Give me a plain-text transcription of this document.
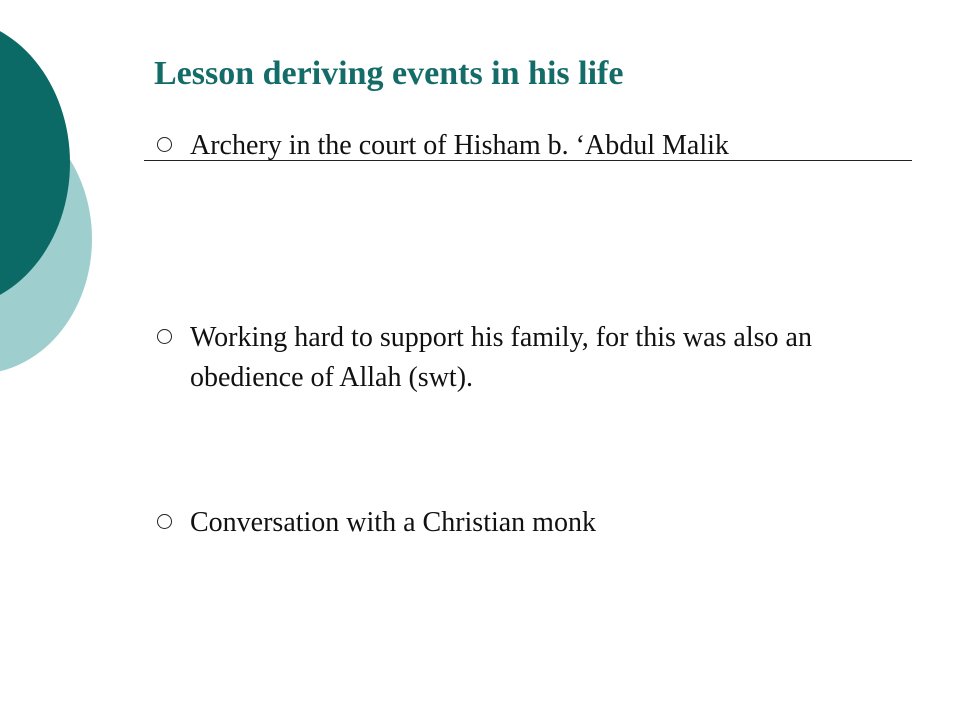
Lesson deriving events in his life
Archery in the court of Hisham b. ‘Abdul Malik
Working hard to support his family, for this was also an obedience of Allah (swt).
Conversation with a Christian monk
